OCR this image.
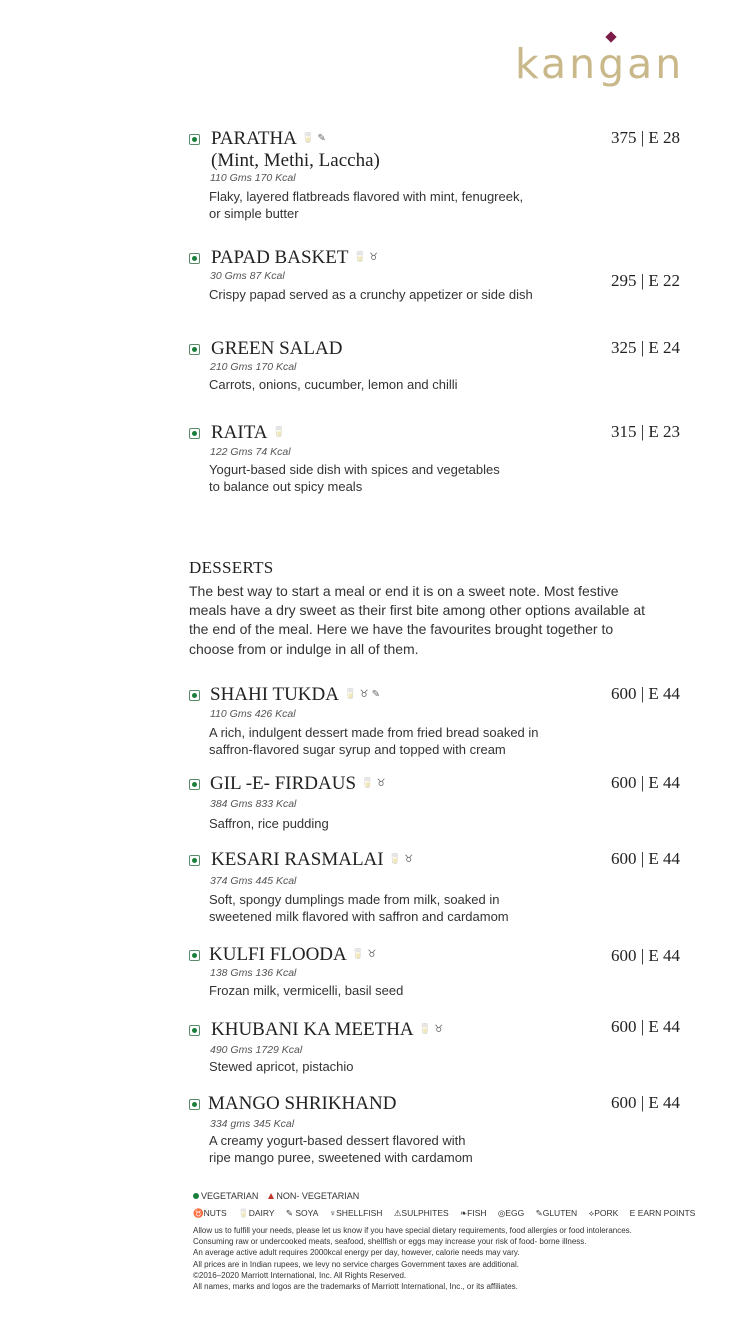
kangan
PARATHA 🥛 ✎
(Mint, Methi, Laccha)
375 | E 28
110 Gms 170 Kcal
Flaky, layered flatbreads flavored with mint, fenugreek,
or simple butter
PAPAD BASKET 🥛 ♉
295 | E 22
30 Gms 87 Kcal
Crispy papad served as a crunchy appetizer or side dish
GREEN SALAD	325 | E 24
210 Gms 170 Kcal
Carrots, onions, cucumber, lemon and chilli
RAITA 🥛	315 | E 23
122 Gms 74 Kcal
Yogurt-based side dish with spices and vegetables
to balance out spicy meals
DESSERTS
The best way to start a meal or end it is on a sweet note. Most festive
meals have a dry sweet as their first bite among other options available at
the end of the meal. Here we have the favourites brought together to
choose from or indulge in all of them.
SHAHI TUKDA 🥛 ♉ ✎	600 | E 44
110 Gms 426 Kcal
A rich, indulgent dessert made from fried bread soaked in
saffron-flavored sugar syrup and topped with cream
GIL -E- FIRDAUS 🥛 ♉	600 | E 44
384 Gms 833 Kcal
Saffron, rice pudding
KESARI RASMALAI 🥛 ♉	600 | E 44
374 Gms 445 Kcal
Soft, spongy dumplings made from milk, soaked in
sweetened milk flavored with saffron and cardamom
KULFI FLOODA 🥛 ♉	600 | E 44
138 Gms 136 Kcal
Frozan milk, vermicelli, basil seed
KHUBANI KA MEETHA 🥛 ♉	600 | E 44
490 Gms 1729 Kcal
Stewed apricot, pistachio
MANGO SHRIKHAND	600 | E 44
334 gms 345 Kcal
A creamy yogurt-based dessert flavored with
ripe mango puree, sweetened with cardamom
VEGETARIAN NON- VEGETARIAN
♉NUTS 🥛DAIRY ✎ SOYA ♆SHELLFISH ⚠SULPHITES ❧FISH ◎EGG ✎GLUTEN ⟡PORK E EARN POINTS
Allow us to fulfill your needs, please let us know if you have special dietary requirements, food allergies or food intolerances.
Consuming raw or undercooked meats, seafood, shellfish or eggs may increase your risk of food- borne illness.
An average active adult requires 2000kcal energy per day, however, calorie needs may vary.
All prices are in Indian rupees, we levy no service charges Government taxes are additional.
©2016–2020 Marriott International, Inc. All Rights Reserved.
All names, marks and logos are the trademarks of Marriott International, Inc., or its affiliates.
